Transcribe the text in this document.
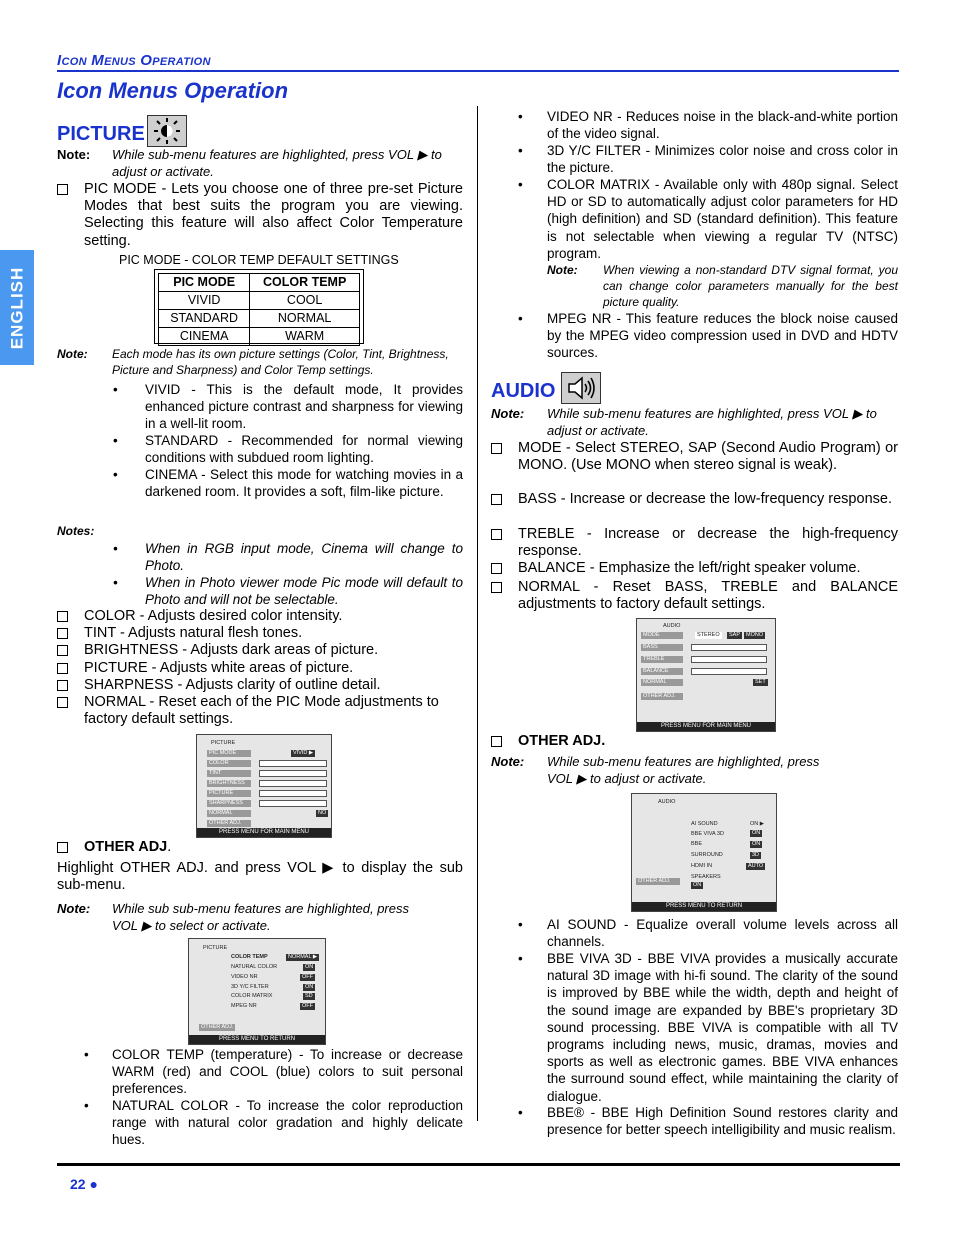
Icon Menus Operation
Icon Menus Operation
ENGLISH
PICTURE
Note: While sub-menu features are highlighted, press VOL ▶ to adjust or activate.
PIC MODE - Lets you choose one of three pre-set Picture Modes that best suits the program you are viewing. Selecting this feature will also affect Color Temperature setting.
PIC MODE - COLOR TEMP DEFAULT SETTINGS
PIC MODE	COLOR TEMP
VIVID	COOL
STANDARD	NORMAL
CINEMA	WARM
Note: Each mode has its own picture settings (Color, Tint, Brightness, Picture and Sharpness) and Color Temp settings.
• VIVID - This is the default mode, It provides enhanced picture contrast and sharpness for viewing in a well-lit room.
• STANDARD - Recommended for normal viewing conditions with subdued room lighting.
• CINEMA - Select this mode for watching movies in a darkened room. It provides a soft, film-like picture.
Notes:
• When in RGB input mode, Cinema will change to Photo.
• When in Photo viewer mode Pic mode will default to Photo and will not be selectable.
COLOR - Adjusts desired color intensity.
TINT - Adjusts natural flesh tones.
BRIGHTNESS - Adjusts dark areas of picture.
PICTURE - Adjusts white areas of picture.
SHARPNESS - Adjusts clarity of outline detail.
NORMAL - Reset each of the PIC Mode adjustments to factory default settings.
PICTURE
PIC MODE
COLOR
TINT
BRIGHTNESS
PICTURE
SHARPNESS
NORMAL
OTHER ADJ.
VIVID ▶
NO
PRESS MENU FOR MAIN MENU
OTHER ADJ.
Highlight OTHER ADJ. and press VOL ▶ to display the sub sub-menu.
Note: While sub sub-menu features are highlighted, press VOL ▶ to select or activate.
PICTURE
COLOR TEMP	NORMAL ▶
NATURAL COLOR	ON
VIDEO NR	OFF
3D Y/C FILTER	ON
COLOR MATRIX	SD
MPEG NR	OFF
OTHER ADJ.
PRESS MENU TO RETURN
• COLOR TEMP (temperature) - To increase or decrease WARM (red) and COOL (blue) colors to suit personal preferences.
• NATURAL COLOR - To increase the color reproduction range with natural color gradation and highly delicate hues.
• VIDEO NR - Reduces noise in the black-and-white portion of the video signal.
• 3D Y/C FILTER - Minimizes color noise and cross color in the picture.
• COLOR MATRIX - Available only with 480p signal. Select HD or SD to automatically adjust color parameters for HD (high definition) and SD (standard definition). This feature is not selectable when viewing a regular TV (NTSC) program.
Note: When viewing a non-standard DTV signal format, you can change color parameters manually for the best picture quality.
• MPEG NR - This feature reduces the block noise caused by the MPEG video compression used in DVD and HDTV sources.
AUDIO
Note: While sub-menu features are highlighted, press VOL ▶ to adjust or activate.
MODE - Select STEREO, SAP (Second Audio Program) or MONO. (Use MONO when stereo signal is weak).
BASS - Increase or decrease the low-frequency response.
TREBLE - Increase or decrease the high-frequency response.
BALANCE - Emphasize the left/right speaker volume.
NORMAL - Reset BASS, TREBLE and BALANCE adjustments to factory default settings.
AUDIO
MODE
BASS
TREBLE
BALANCE
NORMAL
OTHER ADJ.
STEREO	SAP	MONO
SET
PRESS MENU FOR MAIN MENU
OTHER ADJ.
Note: While sub-menu features are highlighted, press VOL ▶ to adjust or activate.
AUDIO
AI SOUND	ON ▶
BBE VIVA 3D	ON
BBE	ON
SURROUND	3D
HDMI IN	AUTO
SPEAKERS
ON
OTHER ADJ.
PRESS MENU TO RETURN
• AI SOUND - Equalize overall volume levels across all channels.
• BBE VIVA 3D - BBE VIVA provides a musically accurate natural 3D image with hi-fi sound. The clarity of the sound is improved by BBE while the width, depth and height of the sound image are expanded by BBE's proprietary 3D sound processing. BBE VIVA is compatible with all TV programs including news, music, dramas, movies and sports as well as electronic games. BBE VIVA enhances the surround sound effect, while maintaining the clarity of dialogue.
• BBE® - BBE High Definition Sound restores clarity and presence for better speech intelligibility and music realism.
22 ●
